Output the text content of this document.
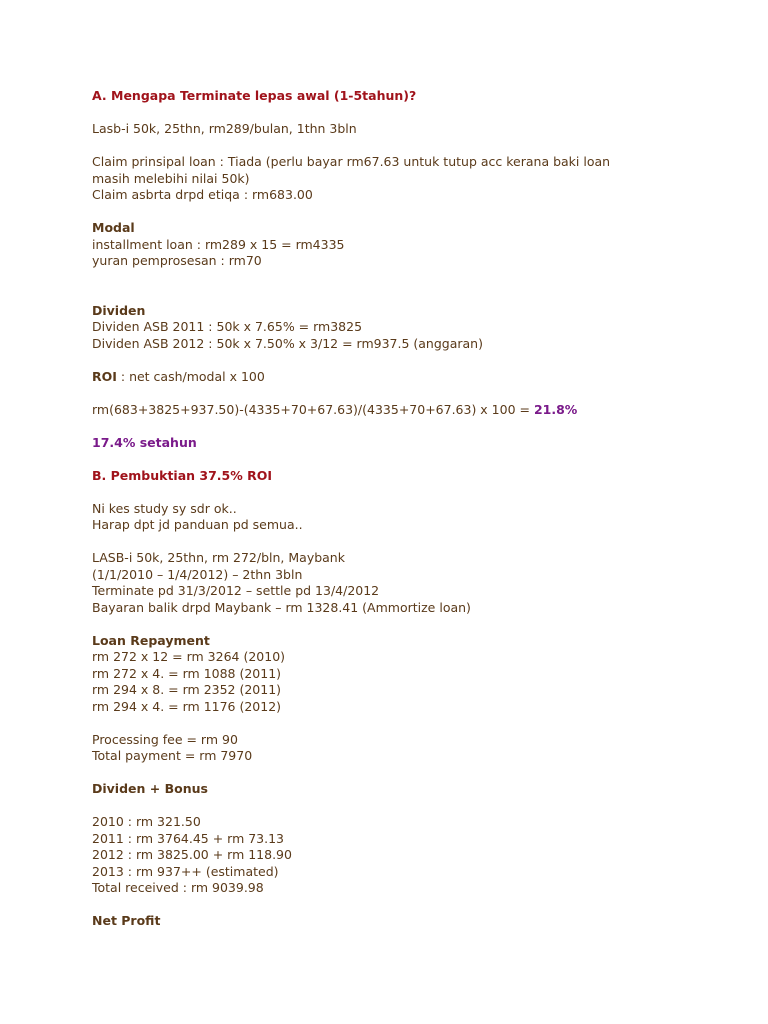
A. Mengapa Terminate lepas awal (1-5tahun)?
Lasb-i 50k, 25thn, rm289/bulan, 1thn 3bln
Claim prinsipal loan : Tiada (perlu bayar rm67.63 untuk tutup acc kerana baki loan
masih melebihi nilai 50k)
Claim asbrta drpd etiqa : rm683.00
Modal
installment loan : rm289 x 15 = rm4335
yuran pemprosesan : rm70
Dividen
Dividen ASB 2011 : 50k x 7.65% = rm3825
Dividen ASB 2012 : 50k x 7.50% x 3/12 = rm937.5 (anggaran)
ROI : net cash/modal x 100
rm(683+3825+937.50)-(4335+70+67.63)/(4335+70+67.63) x 100 = 21.8%
17.4% setahun
B. Pembuktian 37.5% ROI
Ni kes study sy sdr ok..
Harap dpt jd panduan pd semua..
LASB-i 50k, 25thn, rm 272/bln, Maybank
(1/1/2010 – 1/4/2012) – 2thn 3bln
Terminate pd 31/3/2012 – settle pd 13/4/2012
Bayaran balik drpd Maybank – rm 1328.41 (Ammortize loan)
Loan Repayment
rm 272 x 12 = rm 3264 (2010)
rm 272 x 4. = rm 1088 (2011)
rm 294 x 8. = rm 2352 (2011)
rm 294 x 4. = rm 1176 (2012)
Processing fee = rm 90
Total payment = rm 7970
Dividen + Bonus
2010 : rm 321.50
2011 : rm 3764.45 + rm 73.13
2012 : rm 3825.00 + rm 118.90
2013 : rm 937++ (estimated)
Total received : rm 9039.98
Net Profit
